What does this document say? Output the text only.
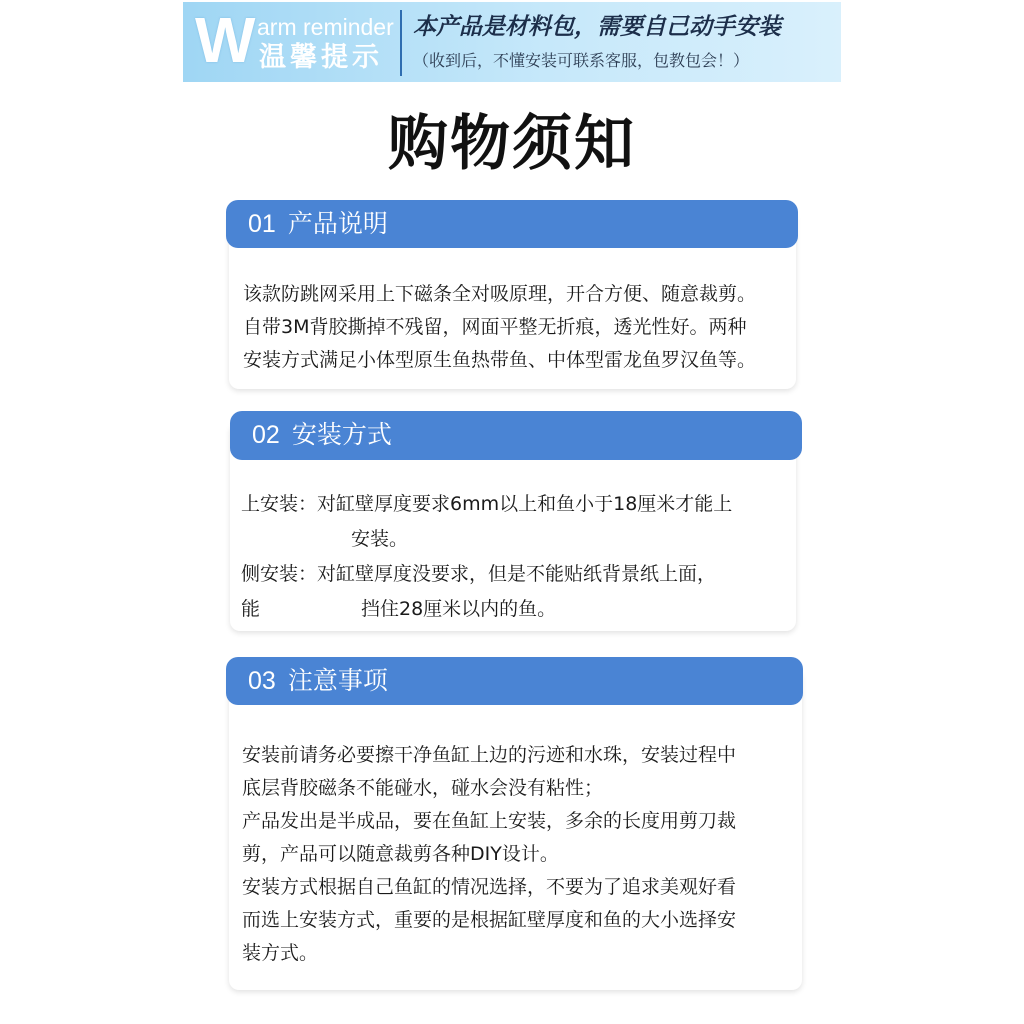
W arm reminder
温馨提示
本产品是材料包，需要自己动手安装
（收到后，不懂安装可联系客服，包教包会！）
购物须知
01 产品说明
该款防跳网采用上下磁条全对吸原理，开合方便、随意裁剪。
自带3M背胶撕掉不残留，网面平整无折痕，透光性好。两种
安装方式满足小体型原生鱼热带鱼、中体型雷龙鱼罗汉鱼等。
02 安装方式
上安装：对缸壁厚度要求6mm以上和鱼小于18厘米才能上
安装。
侧安装：对缸壁厚度没要求，但是不能贴纸背景纸上面，
能	挡住28厘米以内的鱼。
03 注意事项
安装前请务必要擦干净鱼缸上边的污迹和水珠，安装过程中
底层背胶磁条不能碰水，碰水会没有粘性；
产品发出是半成品，要在鱼缸上安装，多余的长度用剪刀裁
剪，产品可以随意裁剪各种DIY设计。
安装方式根据自己鱼缸的情况选择，不要为了追求美观好看
而选上安装方式，重要的是根据缸壁厚度和鱼的大小选择安
装方式。
